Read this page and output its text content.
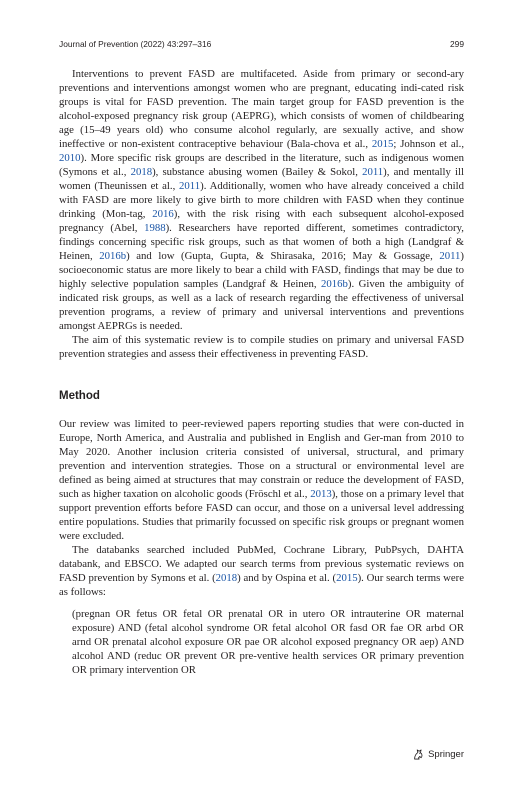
Journal of Prevention (2022) 43:297–316	299

Interventions to prevent FASD are multifaceted. Aside from primary or second-ary preventions and interventions amongst women who are pregnant, educating indi-cated risk groups is vital for FASD prevention. The main target group for FASD prevention is the alcohol-exposed pregnancy risk group (AEPRG), which consists of women of childbearing age (15–49 years old) who consume alcohol regularly, are sexually active, and show ineffective or non-existent contraceptive behaviour (Bala-chova et al., 2015; Johnson et al., 2010). More specific risk groups are described in the literature, such as indigenous women (Symons et al., 2018), substance abusing women (Bailey & Sokol, 2011), and mentally ill women (Theunissen et al., 2011). Additionally, women who have already conceived a child with FASD are more likely to give birth to more children with FASD when they continue drinking (Mon-tag, 2016), with the risk rising with each subsequent alcohol-exposed pregnancy (Abel, 1988). Researchers have reported different, sometimes contradictory, findings concerning specific risk groups, such as that women of both a high (Landgraf & Heinen, 2016b) and low (Gupta, Gupta, & Shirasaka, 2016; May & Gossage, 2011) socioeconomic status are more likely to bear a child with FASD, findings that may be due to highly selective population samples (Landgraf & Heinen, 2016b). Given the ambiguity of indicated risk groups, as well as a lack of research regarding the effectiveness of universal prevention programs, a review of primary and universal interventions and preventions amongst AEPRGs is needed.

The aim of this systematic review is to compile studies on primary and universal FASD prevention strategies and assess their effectiveness in preventing FASD.

Method

Our review was limited to peer-reviewed papers reporting studies that were con-ducted in Europe, North America, and Australia and published in English and Ger-man from 2010 to May 2020. Another inclusion criteria consisted of universal, structural, and primary prevention and intervention strategies. Those on a structural or environmental level are defined as being aimed at structures that may constrain or reduce the development of FASD, such as higher taxation on alcoholic goods (Fröschl et al., 2013), those on a primary level that support prevention efforts before FASD can occur, and those on a universal level addressing entire populations. Studies that primarily focussed on specific risk groups or pregnant women were excluded.

The databanks searched included PubMed, Cochrane Library, PubPsych, DAHTA databank, and EBSCO. We adapted our search terms from previous systematic reviews on FASD prevention by Symons et al. (2018) and by Ospina et al. (2015). Our search terms were as follows:

(pregnan OR fetus OR fetal OR prenatal OR in utero OR intrauterine OR maternal exposure) AND (fetal alcohol syndrome OR fetal alcohol OR fasd OR fae OR arbd OR arnd OR prenatal alcohol exposure OR pae OR alcohol exposed pregnancy OR aep) AND alcohol AND (reduc OR prevent OR pre-ventive health services OR primary prevention OR primary intervention OR

Springer
